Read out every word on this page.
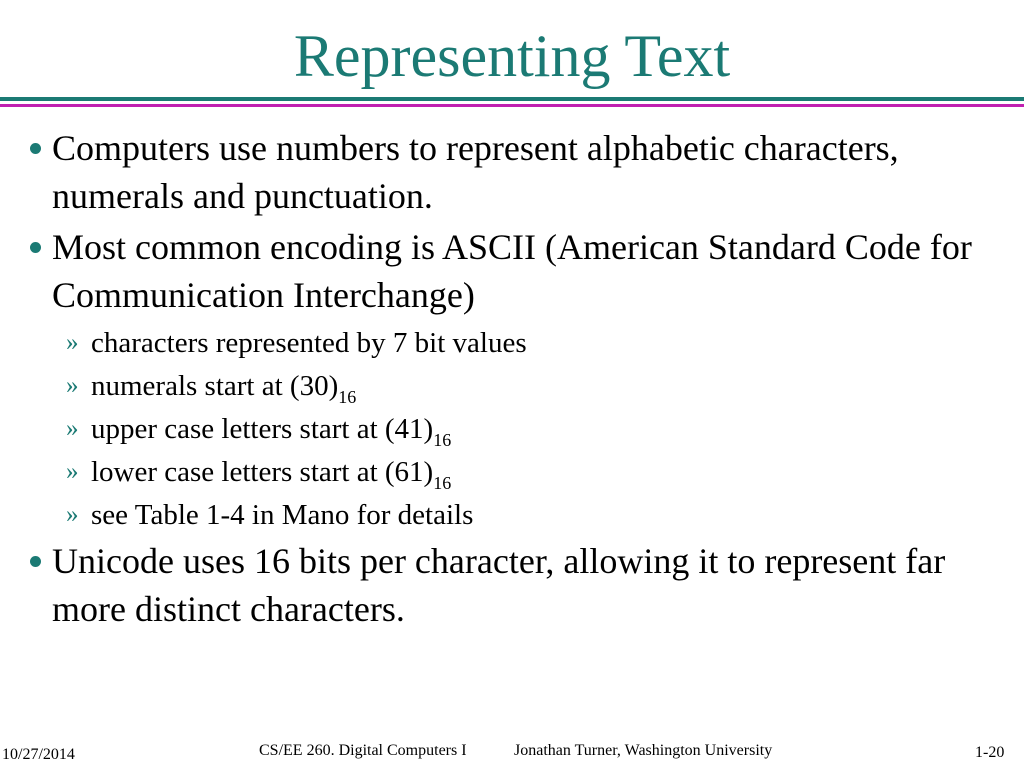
Representing Text
Computers use numbers to represent alphabetic characters, numerals and punctuation.
Most common encoding is ASCII (American Standard Code for Communication Interchange)
» characters represented by 7 bit values
» numerals start at $(30)_{16}$
» upper case letters start at $(41)_{16}$
» lower case letters start at $(61)_{16}$
» see Table 1-4 in Mano for details
Unicode uses 16 bits per character, allowing it to represent far more distinct characters.
10/27/2014	CS/EE 260. Digital Computers I	Jonathan Turner, Washington University	1-20
